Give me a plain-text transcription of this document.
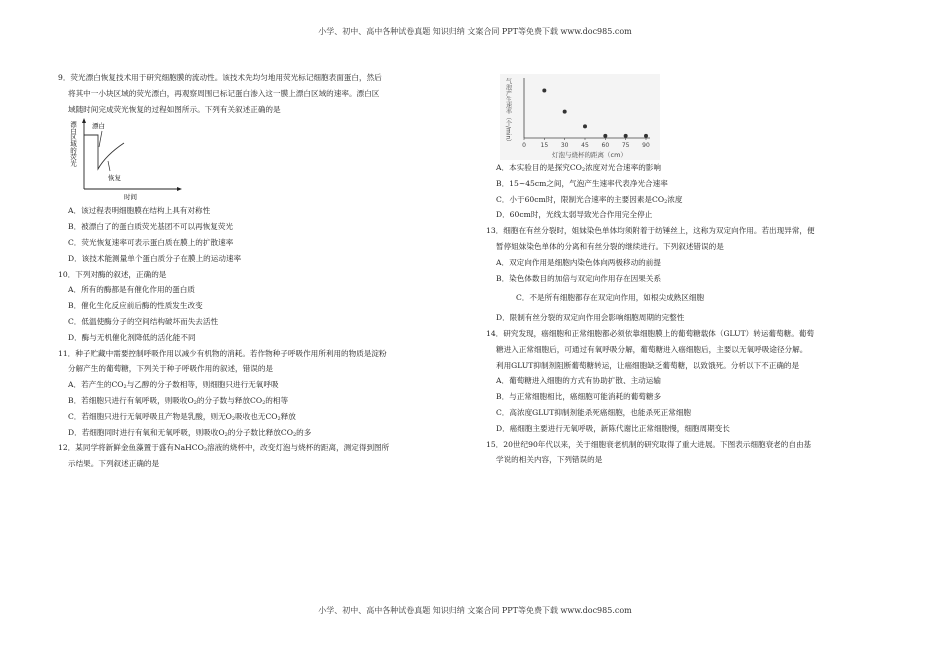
小学、初中、高中各种试卷真题 知识归纳 文案合同 PPT等免费下载 www.doc985.com
小学、初中、高中各种试卷真题 知识归纳 文案合同 PPT等免费下载 www.doc985.com

9．荧光漂白恢复技术用于研究细胞膜的流动性。该技术先均匀地用荧光标记细胞表面蛋白，然后

将其中一小块区域的荧光漂白，再观察周围已标记蛋白渗入这一膜上漂白区域的速率。漂白区

域随时间完成荧光恢复的过程如图所示。下列有关叙述正确的是

漂白区域的荧光 漂白
恢复
时间

A．该过程表明细胞膜在结构上具有对称性

B．被漂白了的蛋白质荧光基团不可以再恢复荧光

C．荧光恢复速率可表示蛋白质在膜上的扩散速率

D．该技术能测量单个蛋白质分子在膜上的运动速率

10．下列对酶的叙述，正确的是

A．所有的酶都是有催化作用的蛋白质

B．催化生化反应前后酶的性质发生改变

C．低温使酶分子的空间结构破坏而失去活性

D．酶与无机催化剂降低的活化能不同

11．种子贮藏中需要控制呼吸作用以减少有机物的消耗。若作物种子呼吸作用所利用的物质是淀粉

分解产生的葡萄糖，下列关于种子呼吸作用的叙述，错误的是

A．若产生的$CO_2$与乙醇的分子数相等，则细胞只进行无氧呼吸

B．若细胞只进行有氧呼吸，则吸收$O_2$的分子数与释放$CO_2$的相等

C．若细胞只进行无氧呼吸且产物是乳酸，则无$O_2$吸收也无$CO_2$释放

D．若细胞同时进行有氧和无氧呼吸，则吸收$O_2$的分子数比释放$CO_2$的多

12．某同学将新鲜金鱼藻置于盛有NaHCO$_3$溶液的烧杯中，改变灯泡与烧杯的距离，测定得到图所

示结果。下列叙述正确的是

气泡产生速率（个/min）
0 15 30 45 60 75 90
灯泡与烧杯的距离（cm）

A．本实验目的是探究$CO_2$浓度对光合速率的影响

B．15~45cm之间，气泡产生速率代表净光合速率

C．小于60cm时，限制光合速率的主要因素是$CO_2$浓度

D．60cm时，光线太弱导致光合作用完全停止

13．细胞在有丝分裂时，姐妹染色单体均须附着于纺锤丝上，这称为双定向作用。若出现异常，便

暂停姐妹染色单体的分离和有丝分裂的继续进行。下列叙述错误的是

A．双定向作用是细胞内染色体向两极移动的前提

B．染色体数目的加倍与双定向作用存在因果关系

C．不是所有细胞都存在双定向作用，如根尖成熟区细胞

D．限制有丝分裂的双定向作用会影响细胞周期的完整性

14．研究发现，癌细胞和正常细胞都必须依靠细胞膜上的葡萄糖载体（GLUT）转运葡萄糖。葡萄

糖进入正常细胞后，可通过有氧呼吸分解，葡萄糖进入癌细胞后，主要以无氧呼吸途径分解。

利用GLUT抑制剂阻断葡萄糖转运，让癌细胞缺乏葡萄糖，以致饿死。分析以下不正确的是

A．葡萄糖进入细胞的方式有协助扩散、主动运输

B．与正常细胞相比，癌细胞可能消耗的葡萄糖多

C．高浓度GLUT抑制剂能杀死癌细胞，也能杀死正常细胞

D．癌细胞主要进行无氧呼吸，新陈代谢比正常细胞慢，细胞周期变长

15．20世纪90年代以来，关于细胞衰老机制的研究取得了重大进展。下图表示细胞衰老的自由基

学说的相关内容，下列错误的是
